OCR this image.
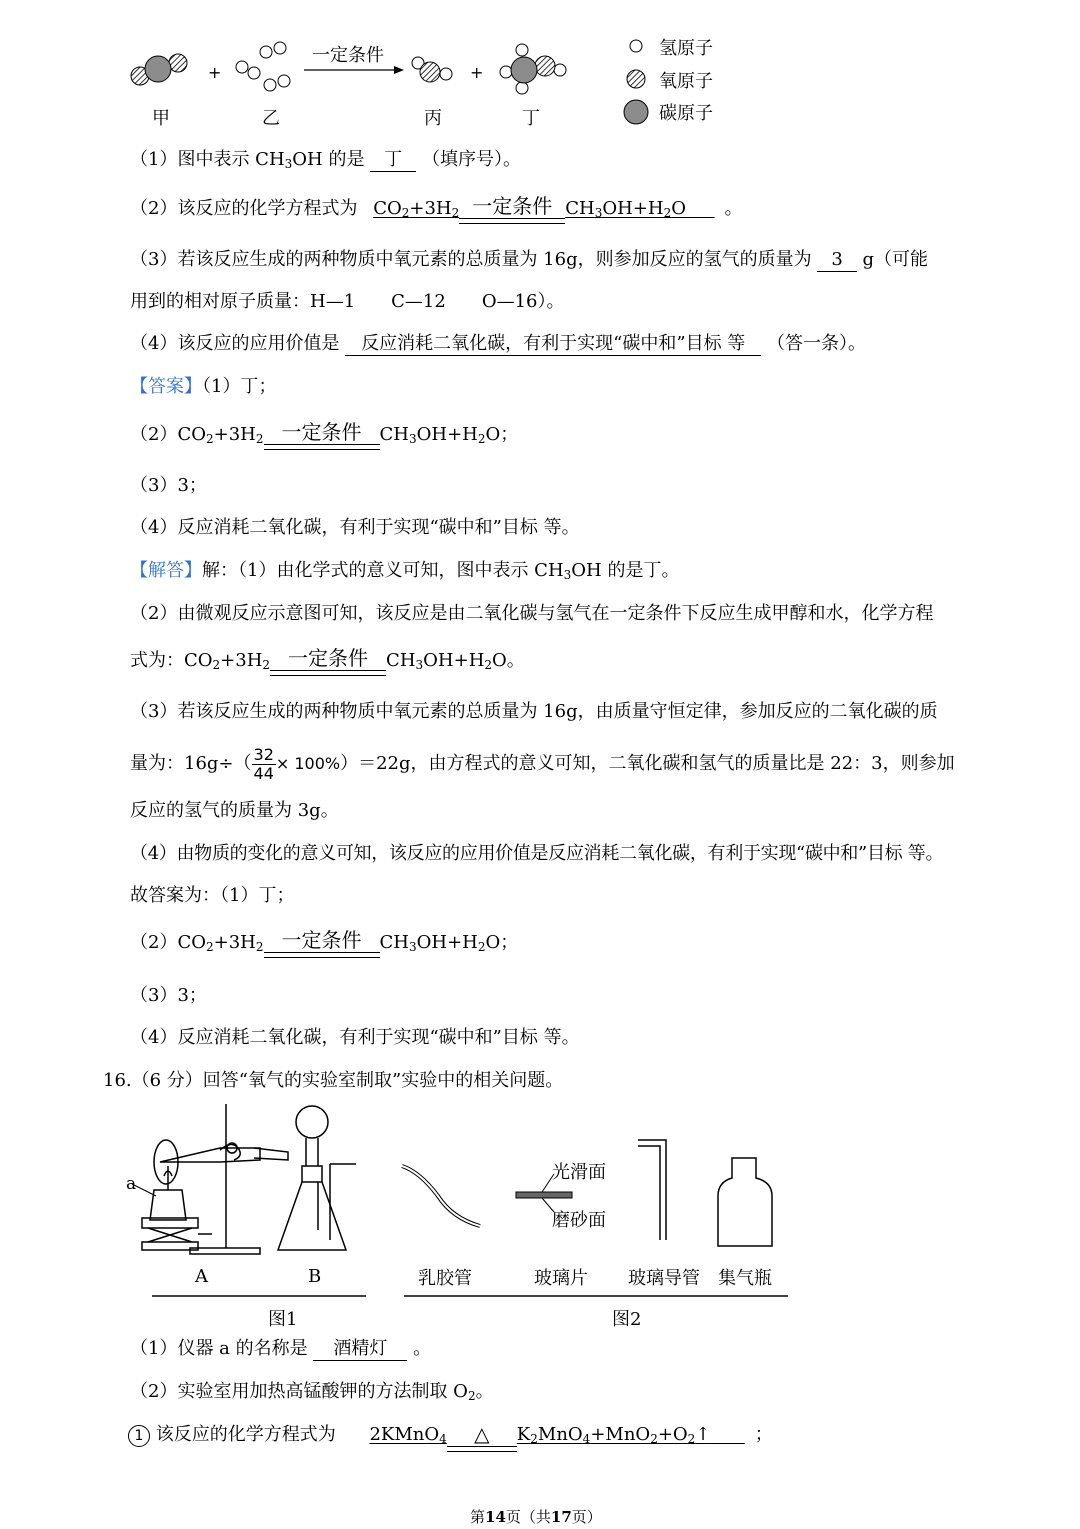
+
一定条件
+
氢原子
氧原子
碳原子
甲	乙	丙	丁
（1）图中表示 $CH_3OH$ 的是 丁 （填序号）。
（2）该反应的化学方程式为 $CO_2+3H_2$ 一定条件 $CH_3OH+H_2O$ 。
（3）若该反应生成的两种物质中氧元素的总质量为 16g，则参加反应的氢气的质量为 3 g（可能
用到的相对原子质量：H—1　　C—12　　O—16）。
（4）该反应的应用价值是 反应消耗二氧化碳，有利于实现“碳中和”目标 等 （答一条）。
【答案】（1）丁；
$(2)CO_2+3H_2$ 一定条件	$CH_3OH+H_2O$；
（3）3；
（4）反应消耗二氧化碳，有利于实现“碳中和”目标 等。
【解答】解：（1）由化学式的意义可知，图中表示 $CH_3OH$ 的是丁。
（2）由微观反应示意图可知，该反应是由二氧化碳与氢气在一定条件下反应生成甲醇和水，化学方程
式为：$CO_2+3H_2$ 一定条件	$CH_3OH+H_2O$。
（3）若该反应生成的两种物质中氧元素的总质量为 16g，由质量守恒定律，参加反应的二氧化碳的质
量为：$16g\div( \frac{32}{44} \times 100\%)=22g$，由方程式的意义可知，二氧化碳和氢气的质量比是 22：3，则参加
反应的氢气的质量为 3g。
（4）由物质的变化的意义可知，该反应的应用价值是反应消耗二氧化碳，有利于实现“碳中和”目标 等。
故答案为：（1）丁；
$(2)CO_2+3H_2$ 一定条件	$CH_3OH+H_2O$；
（3）3；
（4）反应消耗二氧化碳，有利于实现“碳中和”目标 等。
16.（6 分）回答“氧气的实验室制取”实验中的相关问题。
a
A	B	乳胶管	玻璃片 玻璃导管 集气瓶
光滑面
磨砂面
图1	图2
（1）仪器 a 的名称是 酒精灯 。
（2）实验室用加热高锰酸钾的方法制取 $O_2$。
1 该反应的化学方程式为 2KMnO$_4$	△	$K_2MnO_4+MnO_2+O_2↑$ ；
第14页（共17页）
